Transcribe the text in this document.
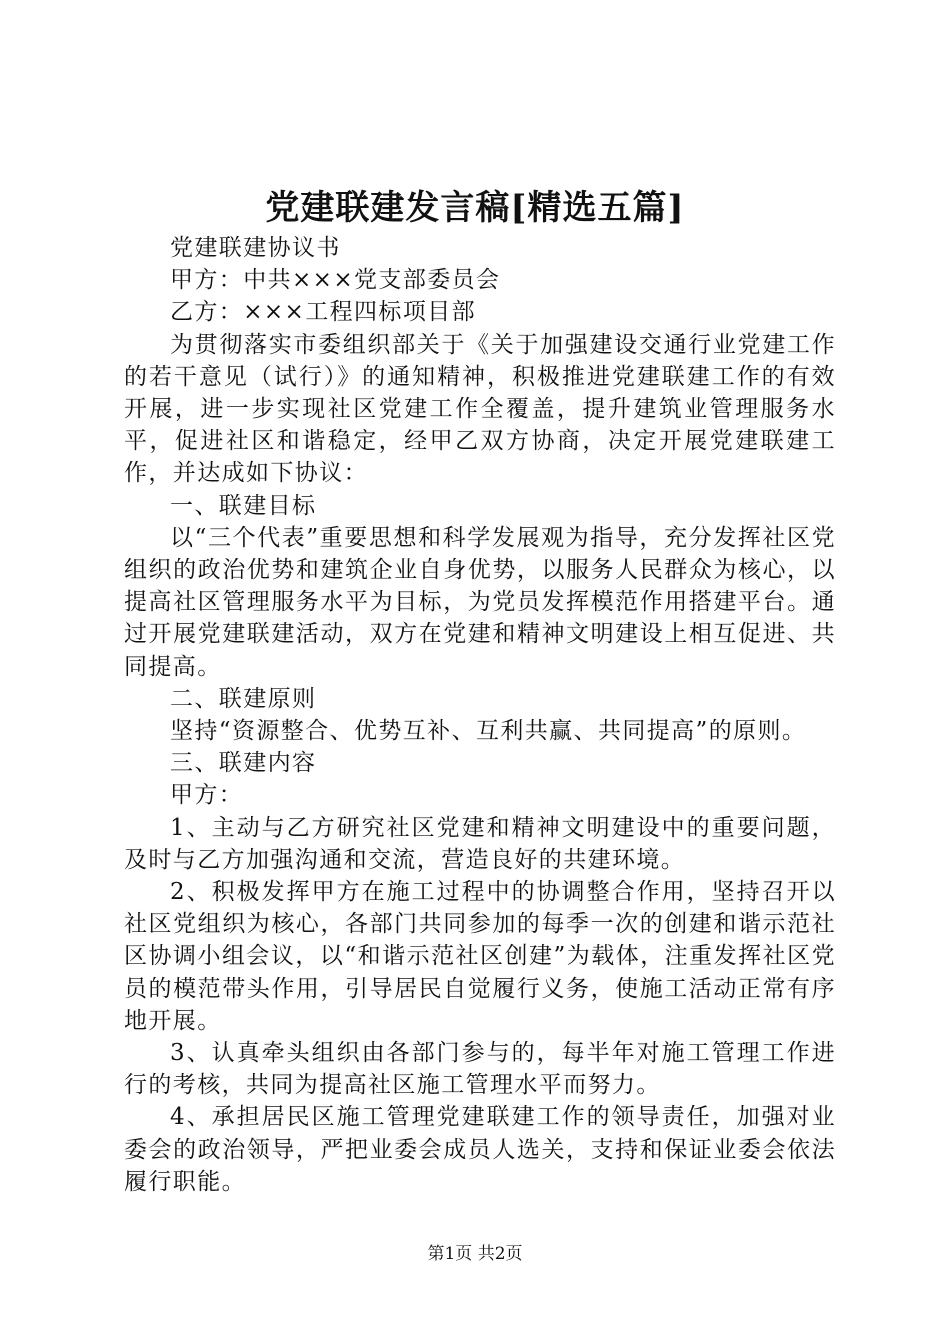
党建联建发言稿[精选五篇]

党建联建协议书

甲方：中共×××党支部委员会

乙方：×××工程四标项目部

为贯彻落实市委组织部关于《关于加强建设交通行业党建工作的若干意见（试行）》的通知精神，积极推进党建联建工作的有效开展，进一步实现社区党建工作全覆盖，提升建筑业管理服务水平，促进社区和谐稳定，经甲乙双方协商，决定开展党建联建工作，并达成如下协议：

一、联建目标

以“三个代表”重要思想和科学发展观为指导，充分发挥社区党组织的政治优势和建筑企业自身优势，以服务人民群众为核心，以提高社区管理服务水平为目标，为党员发挥模范作用搭建平台。通过开展党建联建活动，双方在党建和精神文明建设上相互促进、共同提高。

二、联建原则

坚持“资源整合、优势互补、互利共赢、共同提高”的原则。

三、联建内容

甲方：

1、主动与乙方研究社区党建和精神文明建设中的重要问题，及时与乙方加强沟通和交流，营造良好的共建环境。

2、积极发挥甲方在施工过程中的协调整合作用，坚持召开以社区党组织为核心，各部门共同参加的每季一次的创建和谐示范社区协调小组会议，以“和谐示范社区创建”为载体，注重发挥社区党员的模范带头作用，引导居民自觉履行义务，使施工活动正常有序地开展。

3、认真牵头组织由各部门参与的，每半年对施工管理工作进行的考核，共同为提高社区施工管理水平而努力。

4、承担居民区施工管理党建联建工作的领导责任，加强对业委会的政治领导，严把业委会成员人选关，支持和保证业委会依法履行职能。

第1页 共2页
